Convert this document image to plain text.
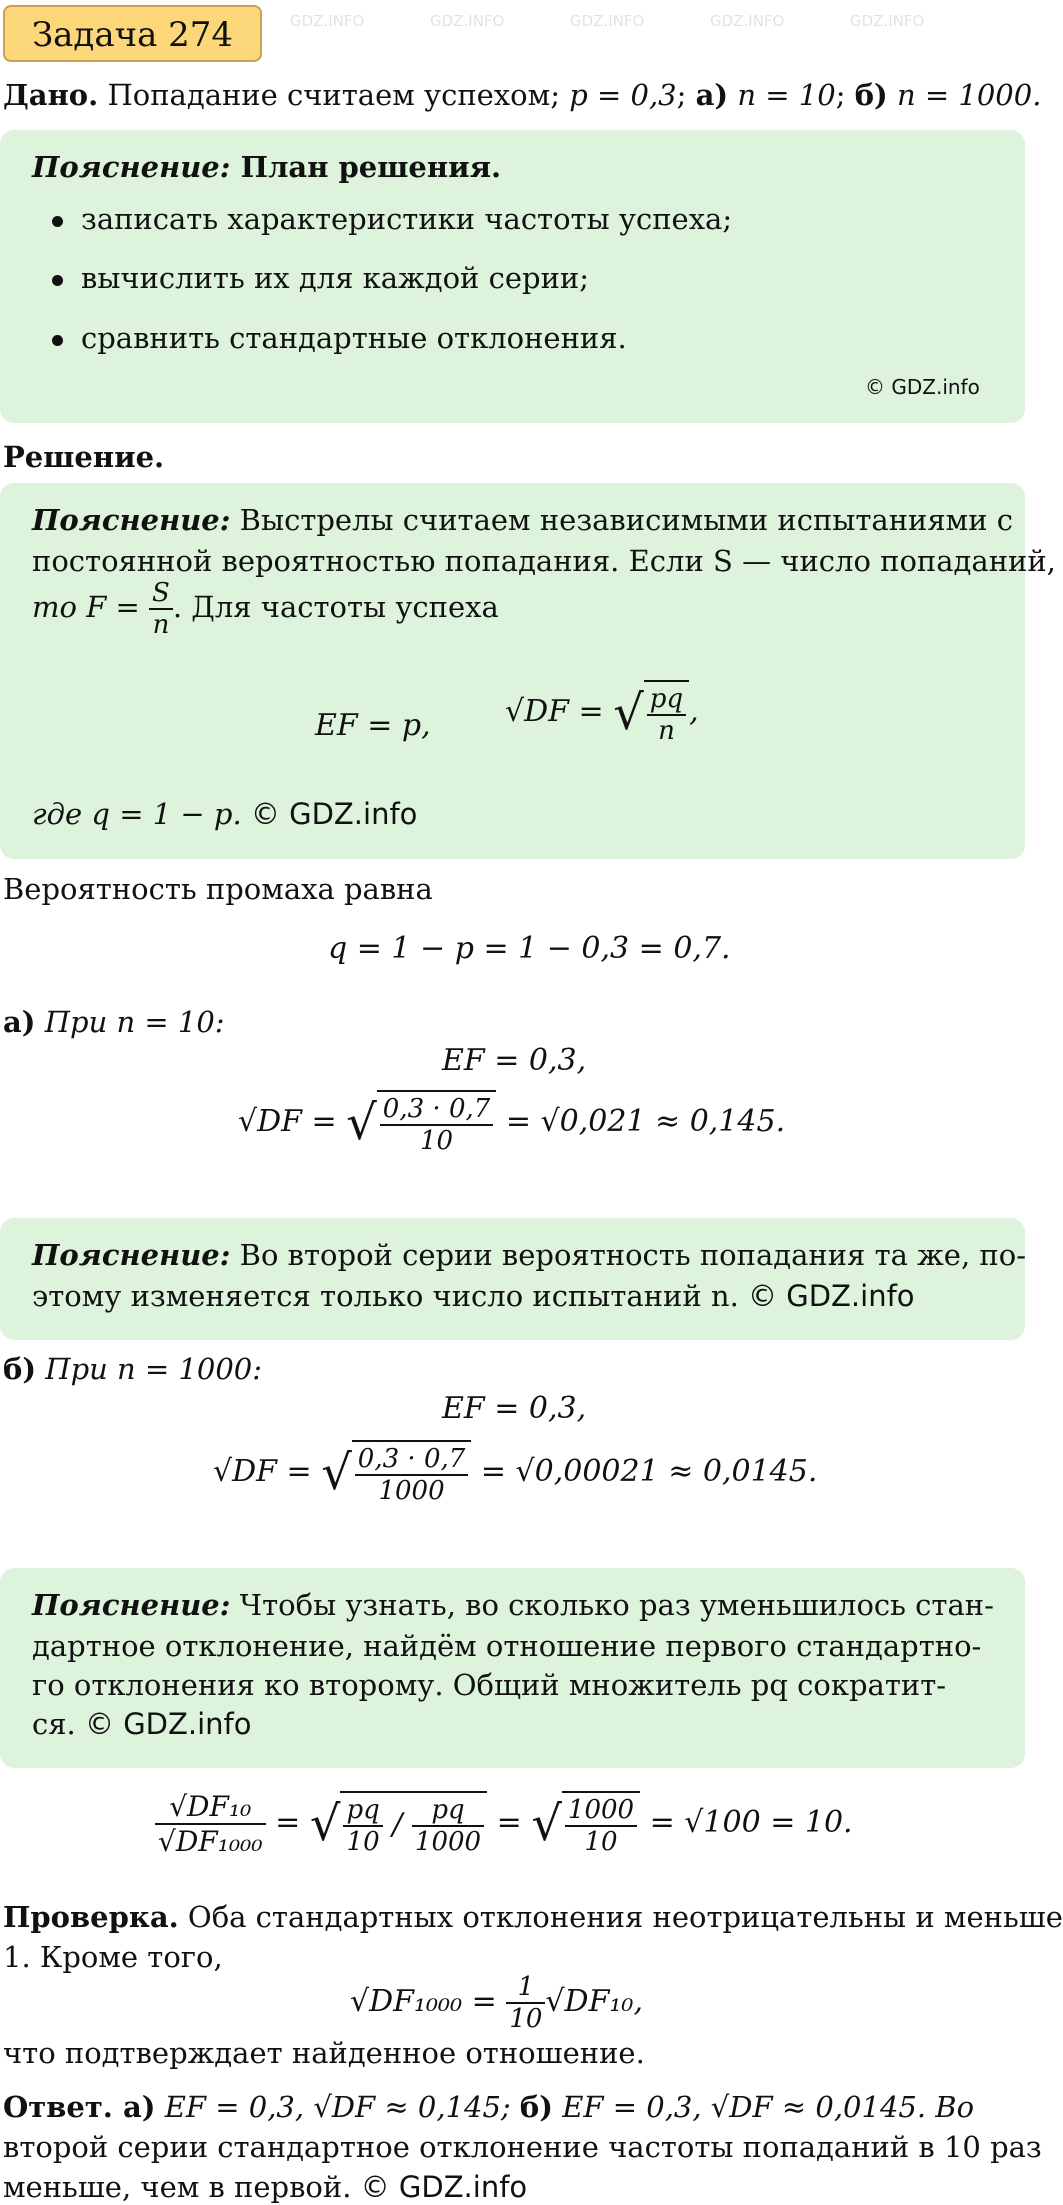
GDZ.INFO	GDZ.INFO	GDZ.INFO	GDZ.INFO	GDZ.INFO
Задача 274
Дано. Попадание считаем успехом; p = 0,3; а) n = 10; б) n = 1000.
Пояснение: План решения.
записать характеристики частоты успеха;
вычислить их для каждой серии;
сравнить стандартные отклонения.
© GDZ.info
Решение.
Пояснение: Выстрелы считаем независимыми испытаниями с
постоянной вероятностью попадания. Если S — число попаданий,
то $F = \frac{S}{n}$ . Для частоты успеха
EF = p, √DF = √ $\frac{pq}{n}$ ,
где q = 1 − p. © GDZ.info
Вероятность промаха равна
q = 1 − p = 1 − 0,3 = 0,7.
а) При n = 10:
EF = 0,3,
√DF = √ $\frac{0,3 \cdot 0,7}{10} = √0,021 \approx 0,145$.
Пояснение: Во второй серии вероятность попадания та же, по-
этому изменяется только число испытаний n. © GDZ.info
б) При n = 1000:
EF = 0,3,
√DF = √ $\frac{0,3 \cdot 0,7}{1000} = √0,00021 \approx 0,0145$.
Пояснение: Чтобы узнать, во сколько раз уменьшилось стан-
дартное отклонение, найдём отношение первого стандартно-
го отклонения ко второму. Общий множитель pq сократит-
ся. © GDZ.info
$\frac{\text{√DF₁₀}}{\text{√DF₁₀₀₀}}$ = √ $\frac{pq}{10} / \frac{pq}{1000}$ = √ $\frac{1000}{10} = √100 = 10$.
Проверка. Оба стандартных отклонения неотрицательны и меньше
1. Кроме того,
$√DF_{1000} = \frac{1}{10} √DF_{10}$,
что подтверждает найденное отношение.
Ответ. а) EF = 0,3, √DF ≈ 0,145; б) EF = 0,3, √DF ≈ 0,0145. Во
второй серии стандартное отклонение частоты попаданий в 10 раз
меньше, чем в первой. © GDZ.info
